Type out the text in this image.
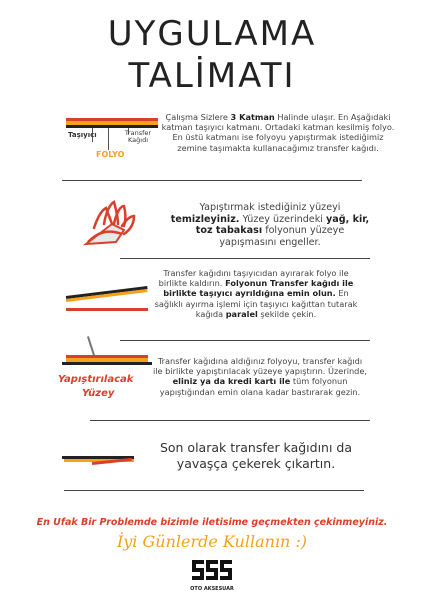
UYGULAMA
TALİMATI
Taşıyıcı	Transfer Kağıdı
FOLYO
Çalışma Sizlere 3 Katman Halinde ulaşır. En Aşağıdaki katman taşıyıcı katmanı. Ortadaki katman kesilmiş folyo. En üstü katmanı ise folyoyu yapıştırmak istediğimiz zemine taşımakta kullanacağımız transfer kağıdı.
Yapıştırmak istediğiniz yüzeyi temizleyiniz. Yüzey üzerindeki yağ, kir, toz tabakası folyonun yüzeye yapışmasını engeller.
Transfer kağıdını taşıyıcıdan ayırarak folyo ile birlikte kaldırın. Folyonun Transfer kağıdı ile birlikte taşıyıcı ayrıldığına emin olun. En sağlıklı ayırma işlemi için taşıyıcı kağıttan tutarak kağıda paralel şekilde çekin.
Yapıştırılacak
Yüzey
Transfer kağıdına aldığınız folyoyu, transfer kağıdı ile birlikte yapıştırılacak yüzeye yapıştırın. Üzerinde, eliniz ya da kredi kartı ile tüm folyonun yapıştığından emin olana kadar bastırarak gezin.
Son olarak transfer kağıdını da yavaşça çekerek çıkartın.
En Ufak Bir Problemde bizimle iletisime geçmekten çekinmeyiniz.
İyi Günlerde Kullanın :)
OTO AKSESUAR
